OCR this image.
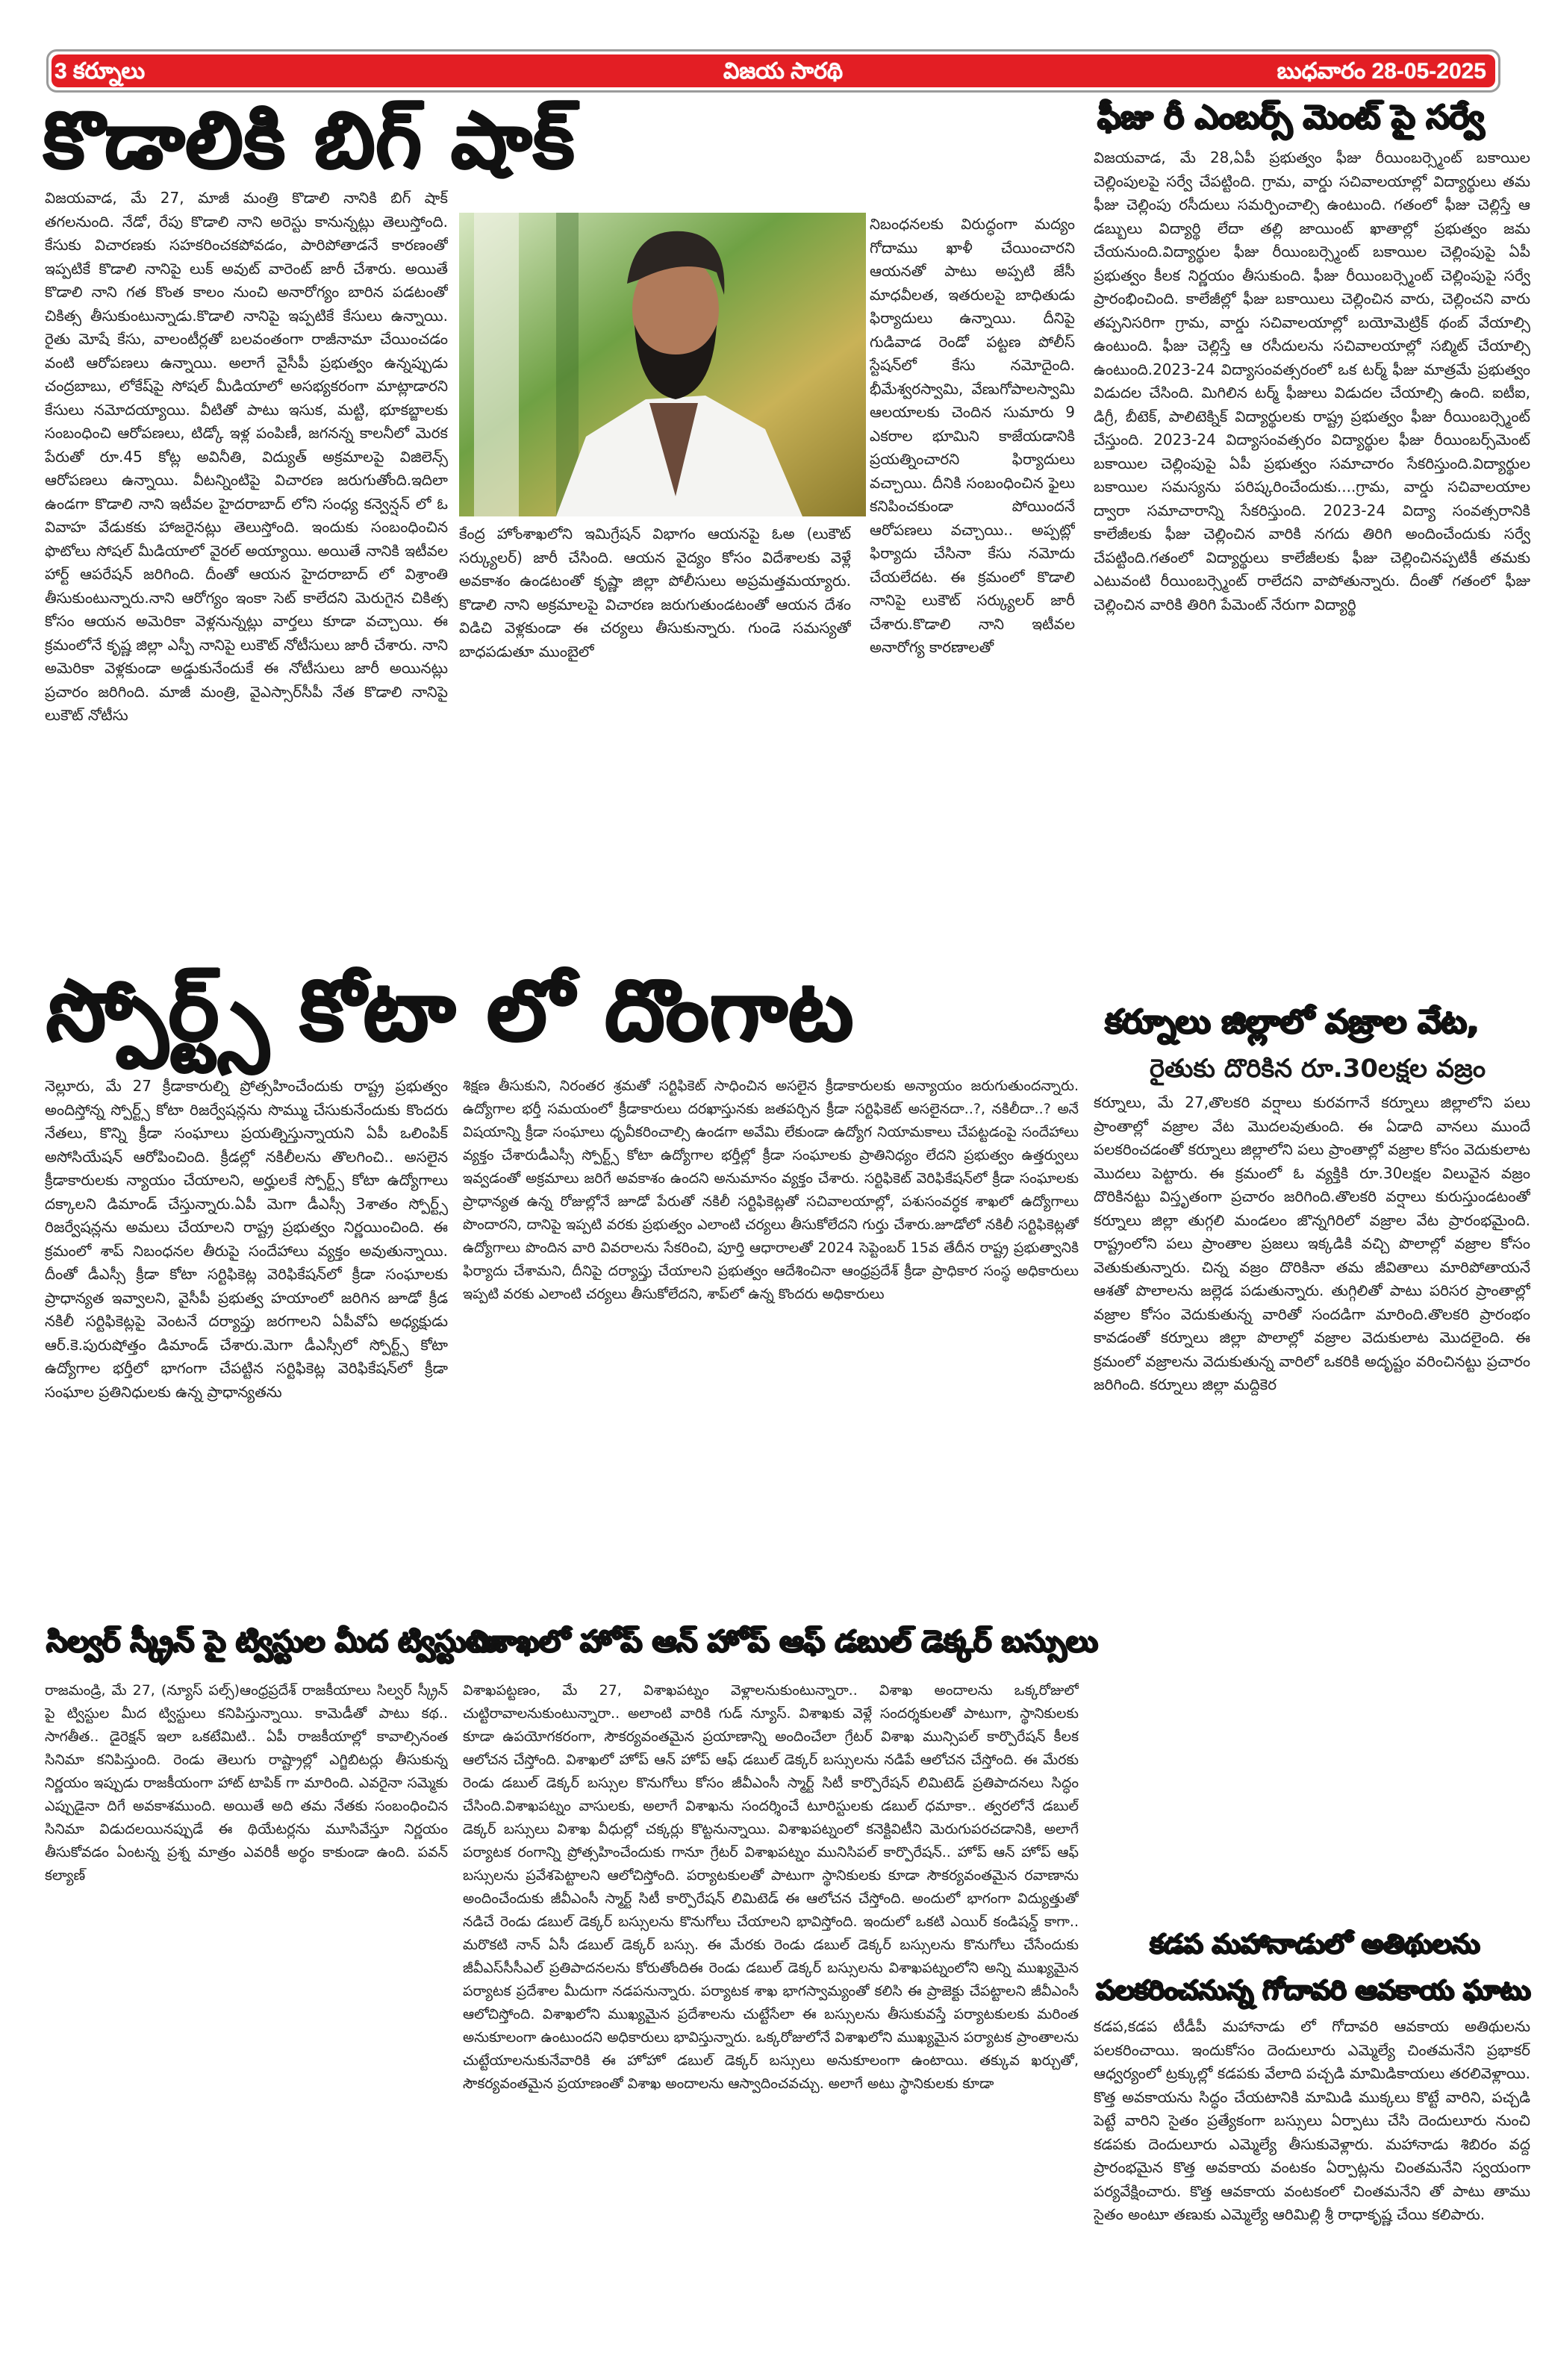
3 కర్నూలు	విజయ సారథి	బుధవారం 28-05-2025
కొడాలికి బిగ్ షాక్
విజయవాడ, మే 27, మాజీ మంత్రి కొడాలి నానికి బిగ్ షాక్ తగలనుంది. నేడో, రేపు కొడాలి నాని అరెస్టు కానున్నట్లు తెలుస్తోంది. కేసుకు విచారణకు సహకరించకపోవడం, పారిపోతాడనే కారణంతో ఇప్పటికే కొడాలి నానిపై లుక్ అవుట్ వారెంట్ జారీ చేశారు. అయితే కొడాలి నాని గత కొంత కాలం నుంచి అనారోగ్యం బారిన పడటంతో చికిత్స తీసుకుంటున్నాడు.కొడాలి నానిపై ఇప్పటికే కేసులు ఉన్నాయి. రైతు మోషే కేసు, వాలంటీర్లతో బలవంతంగా రాజీనామా చేయించడం వంటి ఆరోపణలు ఉన్నాయి. అలాగే వైసీపీ ప్రభుత్వం ఉన్నప్పుడు చంద్రబాబు, లోకేష్‌పై సోషల్ మీడియాలో అసభ్యకరంగా మాట్లాడారని కేసులు నమోదయ్యాయి. వీటితో పాటు ఇసుక, మట్టి, భూకబ్జాలకు సంబంధించి ఆరోపణలు, టిడ్కో ఇళ్ల పంపిణీ, జగనన్న కాలనీలో మెరక పేరుతో రూ.45 కోట్ల అవినీతి, విద్యుత్ అక్రమాలపై విజిలెన్స్ ఆరోపణలు ఉన్నాయి. వీటన్నింటిపై విచారణ జరుగుతోంది.ఇదిలా ఉండగా కొడాలి నాని ఇటీవల హైదరాబాద్ లోని సంధ్య కన్వెన్షన్ లో ఓ వివాహ వేడుకకు హాజరైనట్లు తెలుస్తోంది. ఇందుకు సంబంధించిన ఫొటోలు సోషల్ మీడియాలో వైరల్ అయ్యాయి. అయితే నానికి ఇటీవల హార్ట్ ఆపరేషన్ జరిగింది. దీంతో ఆయన హైదరాబాద్ లో విశ్రాంతి తీసుకుంటున్నారు.నాని ఆరోగ్యం ఇంకా సెట్ కాలేదని మెరుగైన చికిత్స కోసం ఆయన అమెరికా వెళ్లనున్నట్లు వార్తలు కూడా వచ్చాయి. ఈ క్రమంలోనే కృష్ణ జిల్లా ఎస్పీ నానిపై లుకౌట్ నోటీసులు జారీ చేశారు. నాని అమెరికా వెళ్లకుండా అడ్డుకునేందుకే ఈ నోటీసులు జారీ అయినట్లు ప్రచారం జరిగింది. మాజీ మంత్రి, వైఎస్సార్‌సీపీ నేత కొడాలి నానిపై లుకౌట్ నోటీసు
కేంద్ర హోంశాఖలోని ఇమిగ్రేషన్ విభాగం ఆయనపై ఓఅ (లుకౌట్ సర్క్యులర్) జారీ చేసింది. ఆయన వైద్యం కోసం విదేశాలకు వెళ్లే అవకాశం ఉండటంతో కృష్ణా జిల్లా పోలీసులు అప్రమత్తమయ్యారు. కొడాలి నాని అక్రమాలపై విచారణ జరుగుతుండటంతో ఆయన దేశం విడిచి వెళ్లకుండా ఈ చర్యలు తీసుకున్నారు. గుండె సమస్యతో బాధపడుతూ ముంబైలో
నిబంధనలకు విరుద్ధంగా మద్యం గోదాము ఖాళీ చేయించారని ఆయనతో పాటు అప్పటి జేసీ మాధవీలత, ఇతరులపై బాధితుడు ఫిర్యాదులు ఉన్నాయి. దీనిపై గుడివాడ రెండో పట్టణ పోలీస్ స్టేషన్‌లో కేసు నమోదైంది. భీమేశ్వరస్వామి, వేణుగోపాలస్వామి ఆలయాలకు చెందిన సుమారు 9 ఎకరాల భూమిని కాజేయడానికి ప్రయత్నించారని ఫిర్యాదులు వచ్చాయి. దీనికి సంబంధించిన ఫైలు కనిపించకుండా పోయిందనే ఆరోపణలు వచ్చాయి.. అప్పట్లో ఫిర్యాదు చేసినా కేసు నమోదు చేయలేదట. ఈ క్రమంలో కొడాలి నానిపై లుకౌట్ సర్క్యులర్ జారీ చేశారు.కొడాలి నాని ఇటీవల అనారోగ్య కారణాలతో
ఫీజు రీ ఎంబర్స్ మెంట్ పై సర్వే
విజయవాడ, మే 28,ఏపీ ప్రభుత్వం ఫీజు రీయింబర్స్మెంట్ బకాయిల చెల్లింపులపై సర్వే చేపట్టింది. గ్రామ, వార్డు సచివాలయాల్లో విద్యార్థులు తమ ఫీజు చెల్లింపు రసీదులు సమర్పించాల్సి ఉంటుంది. గతంలో ఫీజు చెల్లిస్తే ఆ డబ్బులు విద్యార్థి లేదా తల్లి జాయింట్ ఖాతాల్లో ప్రభుత్వం జమ చేయనుంది.విద్యార్థుల ఫీజు రీయింబర్స్మెంట్ బకాయిల చెల్లింపుపై ఏపీ ప్రభుత్వం కీలక నిర్ణయం తీసుకుంది. ఫీజు రీయింబర్స్మెంట్ చెల్లింపుపై సర్వే ప్రారంభించింది. కాలేజీల్లో ఫీజు బకాయిలు చెల్లించిన వారు, చెల్లించని వారు తప్పనిసరిగా గ్రామ, వార్డు సచివాలయాల్లో బయోమెట్రిక్ థంబ్ వేయాల్సి ఉంటుంది. ఫీజు చెల్లిస్తే ఆ రసీదులను సచివాలయాల్లో సబ్మిట్ చేయాల్సి ఉంటుంది.2023-24 విద్యాసంవత్సరంలో ఒక టర్మ్ ఫీజు మాత్రమే ప్రభుత్వం విడుదల చేసింది. మిగిలిన టర్మ్ ఫీజులు విడుదల చేయాల్సి ఉంది. ఐటీఐ, డిగ్రీ, బీటెక్, పాలిటెక్నిక్ విద్యార్థులకు రాష్ట్ర ప్రభుత్వం ఫీజు రీయింబర్స్మెంట్ చేస్తుంది. 2023-24 విద్యాసంవత్సరం విద్యార్థుల ఫీజు రీయింబర్స్‌మెంట్ బకాయిల చెల్లింపుపై ఏపీ ప్రభుత్వం సమాచారం సేకరిస్తుంది.విద్యార్థుల బకాయిల సమస్యను పరిష్కరించేందుకు....గ్రామ, వార్డు సచివాలయాల ద్వారా సమాచారాన్ని సేకరిస్తుంది. 2023-24 విద్యా సంవత్సరానికి కాలేజీలకు ఫీజు చెల్లించిన వారికి నగదు తిరిగి అందించేందుకు సర్వే చేపట్టింది.గతంలో విద్యార్థులు కాలేజీలకు ఫీజు చెల్లించినప్పటికీ తమకు ఎటువంటి రీయింబర్స్మెంట్ రాలేదని వాపోతున్నారు. దీంతో గతంలో ఫీజు చెల్లించిన వారికి తిరిగి పేమెంట్ నేరుగా విద్యార్థి
స్పోర్ట్స్ కోటా లో దొంగాట
నెల్లూరు, మే 27 క్రీడాకారుల్ని ప్రోత్సహించేందుకు రాష్ట్ర ప్రభుత్వం అందిస్తోన్న స్పోర్ట్స్ కోటా రిజర్వేషన్లను సొమ్ము చేసుకునేందుకు కొందరు నేతలు, కొన్ని క్రీడా సంఘాలు ప్రయత్నిస్తున్నాయని ఏపీ ఒలింపిక్ అసోసియేషన్ ఆరోపించింది. క్రీడల్లో నకిలీలను తొలగించి.. అసలైన క్రీడాకారులకు న్యాయం చేయాలని, అర్హులకే స్పోర్ట్స్ కోటా ఉద్యోగాలు దక్కాలని డిమాండ్ చేస్తున్నారు.ఏపీ మెగా డీఎస్సీ 3శాతం స్పోర్ట్స్ రిజర్వేషన్లను అమలు చేయాలని రాష్ట్ర ప్రభుత్వం నిర్ణయించింది. ఈ క్రమంలో శాప్ నిబంధనల తీరుపై సందేహాలు వ్యక్తం అవుతున్నాయి. దీంతో డీఎస్సీ క్రీడా కోటా సర్టిఫికెట్ల వెరిఫికేషన్‌లో క్రీడా సంఘాలకు ప్రాధాన్యత ఇవ్వాలని, వైసీపీ ప్రభుత్వ హయాంలో జరిగిన జూడో క్రీడ నకిలీ సర్టిఫికెట్లపై వెంటనే దర్యాప్తు జరగాలని ఏపీవోఏ అధ్యక్షుడు ఆర్.కె.పురుషోత్తం డిమాండ్ చేశారు.మెగా డీఎస్సీలో స్పోర్ట్స్ కోటా ఉద్యోగాల భర్తీలో భాగంగా చేపట్టిన సర్టిఫికెట్ల వెరిఫికేషన్‌లో క్రీడా సంఘాల ప్రతినిధులకు ఉన్న ప్రాధాన్యతను
శిక్షణ తీసుకుని, నిరంతర శ్రమతో సర్టిఫికెట్ సాధించిన అసలైన క్రీడాకారులకు అన్యాయం జరుగుతుందన్నారు. ఉద్యోగాల భర్తీ సమయంలో క్రీడాకారులు దరఖాస్తునకు జతపర్చిన క్రీడా సర్టిఫికెట్ అసలైనదా..?, నకిలీదా..? అనే విషయాన్ని క్రీడా సంఘాలు ధృవీకరించాల్సి ఉండగా అవేమి లేకుండా ఉద్యోగ నియామకాలు చేపట్టడంపై సందేహాలు వ్యక్తం చేశారుడీఎస్సీ స్పోర్ట్స్ కోటా ఉద్యోగాల భర్తీల్లో క్రీడా సంఘాలకు ప్రాతినిధ్యం లేదని ప్రభుత్వం ఉత్తర్వులు ఇవ్వడంతో అక్రమాలు జరిగే అవకాశం ఉందని అనుమానం వ్యక్తం చేశారు. సర్టిఫికెట్ వెరిఫికేషన్‌లో క్రీడా సంఘాలకు ప్రాధాన్యత ఉన్న రోజుల్లోనే జూడో పేరుతో నకిలీ సర్టిఫికెట్లతో సచివాలయాల్లో, పశుసంవర్ధక శాఖలో ఉద్యోగాలు పొందారని, దానిపై ఇప్పటి వరకు ప్రభుత్వం ఎలాంటి చర్యలు తీసుకోలేదని గుర్తు చేశారు.జూడోలో నకిలీ సర్టిఫికెట్లతో ఉద్యోగాలు పొందిన వారి వివరాలను సేకరించి, పూర్తి ఆధారాలతో 2024 సెప్టెంబర్ 15వ తేదీన రాష్ట్ర ప్రభుత్వానికి ఫిర్యాదు చేశామని, దీనిపై దర్యాప్తు చేయాలని ప్రభుత్వం ఆదేశించినా ఆంధ్రప్రదేశ్ క్రీడా ప్రాధికార సంస్థ అధికారులు ఇప్పటి వరకు ఎలాంటి చర్యలు తీసుకోలేదని, శాప్‌లో ఉన్న కొందరు అధికారులు
కర్నూలు జిల్లాలో వజ్రాల వేట,
రైతుకు దొరికిన రూ.30లక్షల వజ్రం
కర్నూలు, మే 27,తొలకరి వర్షాలు కురవగానే కర్నూలు జిల్లాలోని పలు ప్రాంతాల్లో వజ్రాల వేట మొదలవుతుంది. ఈ ఏడాది వానలు ముందే పలకరించడంతో కర్నూలు జిల్లాలోని పలు ప్రాంతాల్లో వజ్రాల కోసం వెదుకులాట మొదలు పెట్టారు. ఈ క్రమంలో ఓ వ్యక్తికి రూ.30లక్షల విలువైన వజ్రం దొరికినట్టు విస్తృతంగా ప్రచారం జరిగింది.తొలకరి వర్షాలు కురుస్తుండటంతో కర్నూలు జిల్లా తుగ్గలి మండలం జొన్నగిరిలో వజ్రాల వేట ప్రారంభమైంది. రాష్ట్రంలోని పలు ప్రాంతాల ప్రజలు ఇక్కడికి వచ్చి పొలాల్లో వజ్రాల కోసం వెతుకుతున్నారు. చిన్న వజ్రం దొరికినా తమ జీవితాలు మారిపోతాయనే ఆశతో పొలాలను జల్లెడ పడుతున్నారు. తుగ్గిలితో పాటు పరిసర ప్రాంతాల్లో వజ్రాల కోసం వెదుకుతున్న వారితో సందడిగా మారింది.తొలకరి ప్రారంభం కావడంతో కర్నూలు జిల్లా పొలాల్లో వజ్రాల వెదుకులాట మొదలైంది. ఈ క్రమంలో వజ్రాలను వెదుకుతున్న వారిలో ఒకరికి అదృష్టం వరించినట్టు ప్రచారం జరిగింది. కర్నూలు జిల్లా మద్దికెర
సిల్వర్ స్క్రీన్ పై ట్విస్టుల మీద ట్విస్టులు
రాజమండ్రి, మే 27, (న్యూస్ పల్స్)ఆంధ్రప్రదేశ్ రాజకీయాలు సిల్వర్ స్క్రీన్ పై ట్విస్టుల మీద ట్విస్టులు కనిపిస్తున్నాయి. కామెడీతో పాటు కథ.. సాగతీత.. డైరెక్షన్ ఇలా ఒకటేమిటి.. ఏపీ రాజకీయాల్లో కావాల్సినంత సినిమా కనిపిస్తుంది. రెండు తెలుగు రాష్ట్రాల్లో ఎగ్జిబిటర్లు తీసుకున్న నిర్ణయం ఇప్పుడు రాజకీయంగా హాట్ టాపిక్ గా మారింది. ఎవరైనా సమ్మెకు ఎప్పుడైనా దిగే అవకాశముంది. అయితే అది తమ నేతకు సంబంధించిన సినిమా విడుదలయినప్పుడే ఈ థియేటర్లను మూసివేస్తూ నిర్ణయం తీసుకోవడం ఏంటన్న ప్రశ్న మాత్రం ఎవరికీ అర్థం కాకుండా ఉంది. పవన్ కల్యాణ్
విశాఖలో హోప్ ఆన్ హోప్ ఆఫ్ డబుల్ డెక్కర్ బస్సులు
విశాఖపట్టణం, మే 27, విశాఖపట్నం వెళ్లాలనుకుంటున్నారా.. విశాఖ అందాలను ఒక్కరోజులో చుట్టిరావాలనుకుంటున్నారా.. అలాంటి వారికి గుడ్ న్యూస్. విశాఖకు వెళ్లే సందర్శకులతో పాటుగా, స్థానికులకు కూడా ఉపయోగకరంగా, సౌకర్యవంతమైన ప్రయాణాన్ని అందించేలా గ్రేటర్ విశాఖ మున్సిపల్ కార్పొరేషన్ కీలక ఆలోచన చేస్తోంది. విశాఖలో హోప్ ఆన్ హోప్ ఆఫ్ డబుల్ డెక్కర్ బస్సులను నడిపే ఆలోచన చేస్తోంది. ఈ మేరకు రెండు డబుల్ డెక్కర్ బస్సుల కొనుగోలు కోసం జీవీఎంసీ స్మార్ట్ సిటీ కార్పొరేషన్ లిమిటెడ్ ప్రతిపాదనలు సిద్ధం చేసింది.విశాఖపట్నం వాసులకు, అలాగే విశాఖను సందర్శించే టూరిస్టులకు డబుల్ ధమాకా.. త్వరలోనే డబుల్ డెక్కర్ బస్సులు విశాఖ వీధుల్లో చక్కర్లు కొట్టనున్నాయి. విశాఖపట్నంలో కనెక్టివిటీని మెరుగుపరచడానికి, అలాగే పర్యాటక రంగాన్ని ప్రోత్సహించేందుకు గానూ గ్రేటర్ విశాఖపట్నం మునిసిపల్ కార్పొరేషన్.. హోప్ ఆన్ హోప్ ఆఫ్ బస్సులను ప్రవేశపెట్టాలని ఆలోచిస్తోంది. పర్యాటకులతో పాటుగా స్థానికులకు కూడా సౌకర్యవంతమైన రవాణాను అందించేందుకు జీవీఎంసీ స్మార్ట్ సిటీ కార్పొరేషన్ లిమిటెడ్ ఈ ఆలోచన చేస్తోంది. అందులో భాగంగా విద్యుత్తుతో నడిచే రెండు డబుల్ డెక్కర్ బస్సులను కొనుగోలు చేయాలని భావిస్తోంది. ఇందులో ఒకటి ఎయిర్ కండిషన్డ్ కాగా.. మరొకటి నాన్ ఏసీ డబుల్ డెక్కర్ బస్సు. ఈ మేరకు రెండు డబుల్ డెక్కర్ బస్సులను కొనుగోలు చేసేందుకు జీవీఎస్‌సీసీఎల్ ప్రతిపాదనలను కోరుతోందిఈ రెండు డబుల్ డెక్కర్ బస్సులను విశాఖపట్నంలోని అన్ని ముఖ్యమైన పర్యాటక ప్రదేశాల మీదుగా నడపనున్నారు. పర్యాటక శాఖ భాగస్వామ్యంతో కలిసి ఈ ప్రాజెక్టు చేపట్టాలని జీవీఎంసీ ఆలోచిస్తోంది. విశాఖలోని ముఖ్యమైన ప్రదేశాలను చుట్టేసేలా ఈ బస్సులను తీసుకువస్తే పర్యాటకులకు మరింత అనుకూలంగా ఉంటుందని అధికారులు భావిస్తున్నారు. ఒక్కరోజులోనే విశాఖలోని ముఖ్యమైన పర్యాటక ప్రాంతాలను చుట్టేయాలనుకునేవారికి ఈ హోహో డబుల్ డెక్కర్ బస్సులు అనుకూలంగా ఉంటాయి. తక్కువ ఖర్చుతో, సౌకర్యవంతమైన ప్రయాణంతో విశాఖ అందాలను ఆస్వాదించవచ్చు. అలాగే అటు స్థానికులకు కూడా
కడప మహానాడులో అతిథులను
పలకరించనున్న గోదావరి ఆవకాయ ఘాటు
కడప,కడప టీడీపీ మహానాడు లో గోదావరి ఆవకాయ అతిథులను పలకరించాయి. ఇందుకోసం దెందులూరు ఎమ్మెల్యే చింతమనేని ప్రభాకర్ ఆధ్వర్యంలో ట్రక్కుల్లో కడపకు వేలాది పచ్చడి మామిడికాయలు తరలివెళ్లాయి. కొత్త అవకాయను సిద్ధం చేయటానికి మామిడి ముక్కలు కొట్టే వారిని, పచ్చడి పెట్టే వారిని సైతం ప్రత్యేకంగా బస్సులు ఏర్పాటు చేసి దెందులూరు నుంచి కడపకు దెందులూరు ఎమ్మెల్యే తీసుకువెళ్లారు. మహానాడు శిబిరం వద్ద ప్రారంభమైన కొత్త అవకాయ వంటకం ఏర్పాట్లను చింతమనేని స్వయంగా పర్యవేక్షించారు. కొత్త ఆవకాయ వంటకంలో చింతమనేని తో పాటు తాము సైతం అంటూ తణుకు ఎమ్మెల్యే ఆరిమిల్లి శ్రీ రాధాకృష్ణ చేయి కలిపారు.
